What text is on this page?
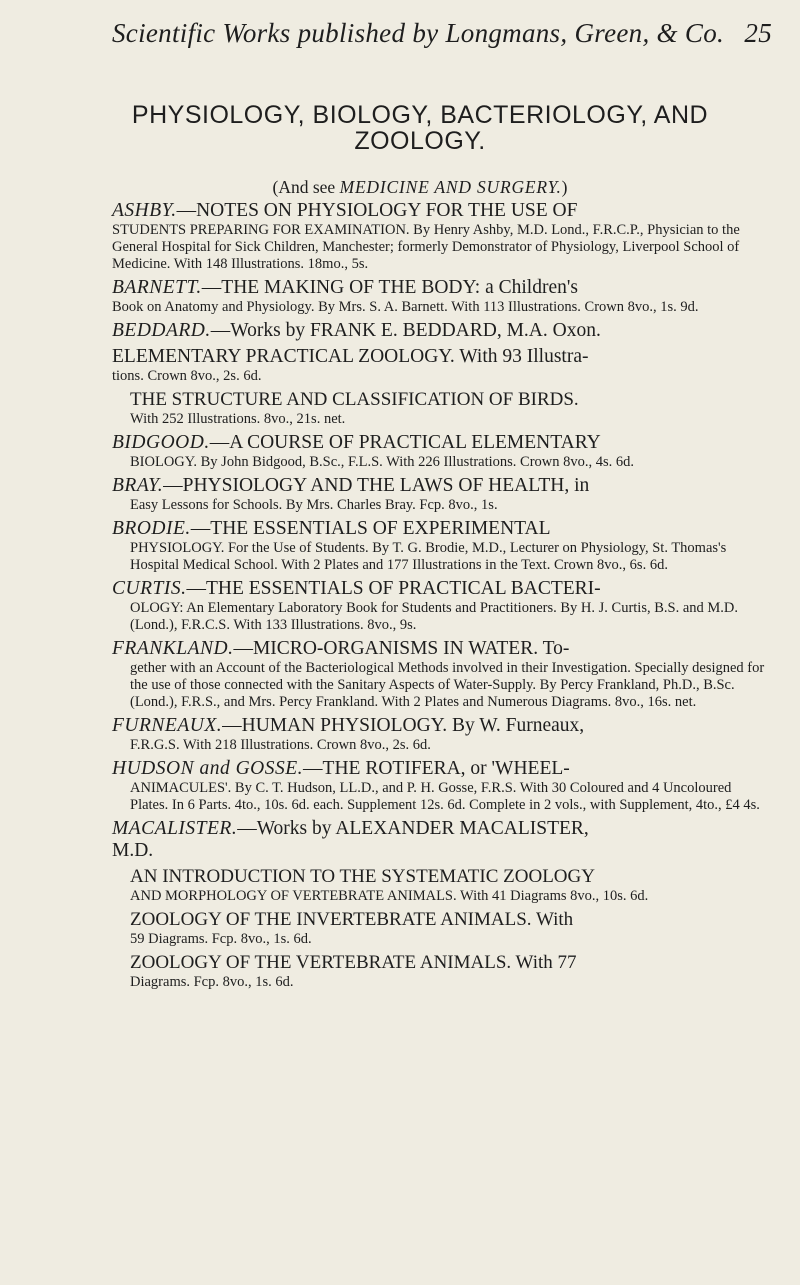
Scientific Works published by Longmans, Green, & Co. 25
PHYSIOLOGY, BIOLOGY, BACTERIOLOGY, AND ZOOLOGY.
(And see MEDICINE AND SURGERY.)
ASHBY.—NOTES ON PHYSIOLOGY FOR THE USE OF
STUDENTS PREPARING FOR EXAMINATION. By Henry Ashby, M.D. Lond., F.R.C.P., Physician to the General Hospital for Sick Children, Manchester; formerly Demonstrator of Physiology, Liverpool School of Medicine. With 148 Illustrations. 18mo., 5s.
BARNETT.—THE MAKING OF THE BODY: a Children's
Book on Anatomy and Physiology. By Mrs. S. A. Barnett. With 113 Illustrations. Crown 8vo., 1s. 9d.
BEDDARD.—Works by FRANK E. BEDDARD, M.A. Oxon.
ELEMENTARY PRACTICAL ZOOLOGY. With 93 Illustra-
tions. Crown 8vo., 2s. 6d.
THE STRUCTURE AND CLASSIFICATION OF BIRDS.
With 252 Illustrations. 8vo., 21s. net.
BIDGOOD.—A COURSE OF PRACTICAL ELEMENTARY
BIOLOGY. By John Bidgood, B.Sc., F.L.S. With 226 Illustrations. Crown 8vo., 4s. 6d.
BRAY.—PHYSIOLOGY AND THE LAWS OF HEALTH, in
Easy Lessons for Schools. By Mrs. Charles Bray. Fcp. 8vo., 1s.
BRODIE.—THE ESSENTIALS OF EXPERIMENTAL
PHYSIOLOGY. For the Use of Students. By T. G. Brodie, M.D., Lecturer on Physiology, St. Thomas's Hospital Medical School. With 2 Plates and 177 Illustrations in the Text. Crown 8vo., 6s. 6d.
CURTIS.—THE ESSENTIALS OF PRACTICAL BACTERI-
OLOGY: An Elementary Laboratory Book for Students and Practitioners. By H. J. Curtis, B.S. and M.D. (Lond.), F.R.C.S. With 133 Illustrations. 8vo., 9s.
FRANKLAND.—MICRO-ORGANISMS IN WATER. To-
gether with an Account of the Bacteriological Methods involved in their Investigation. Specially designed for the use of those connected with the Sanitary Aspects of Water-Supply. By Percy Frankland, Ph.D., B.Sc. (Lond.), F.R.S., and Mrs. Percy Frankland. With 2 Plates and Numerous Diagrams. 8vo., 16s. net.
FURNEAUX.—HUMAN PHYSIOLOGY. By W. Furneaux,
F.R.G.S. With 218 Illustrations. Crown 8vo., 2s. 6d.
HUDSON and GOSSE.—THE ROTIFERA, or 'WHEEL-
ANIMACULES'. By C. T. Hudson, LL.D., and P. H. Gosse, F.R.S. With 30 Coloured and 4 Uncoloured Plates. In 6 Parts. 4to., 10s. 6d. each. Supplement 12s. 6d. Complete in 2 vols., with Supplement, 4to., £4 4s.
MACALISTER.—Works by ALEXANDER MACALISTER,
M.D.
AN INTRODUCTION TO THE SYSTEMATIC ZOOLOGY
AND MORPHOLOGY OF VERTEBRATE ANIMALS. With 41 Diagrams 8vo., 10s. 6d.
ZOOLOGY OF THE INVERTEBRATE ANIMALS. With
59 Diagrams. Fcp. 8vo., 1s. 6d.
ZOOLOGY OF THE VERTEBRATE ANIMALS. With 77
Diagrams. Fcp. 8vo., 1s. 6d.
